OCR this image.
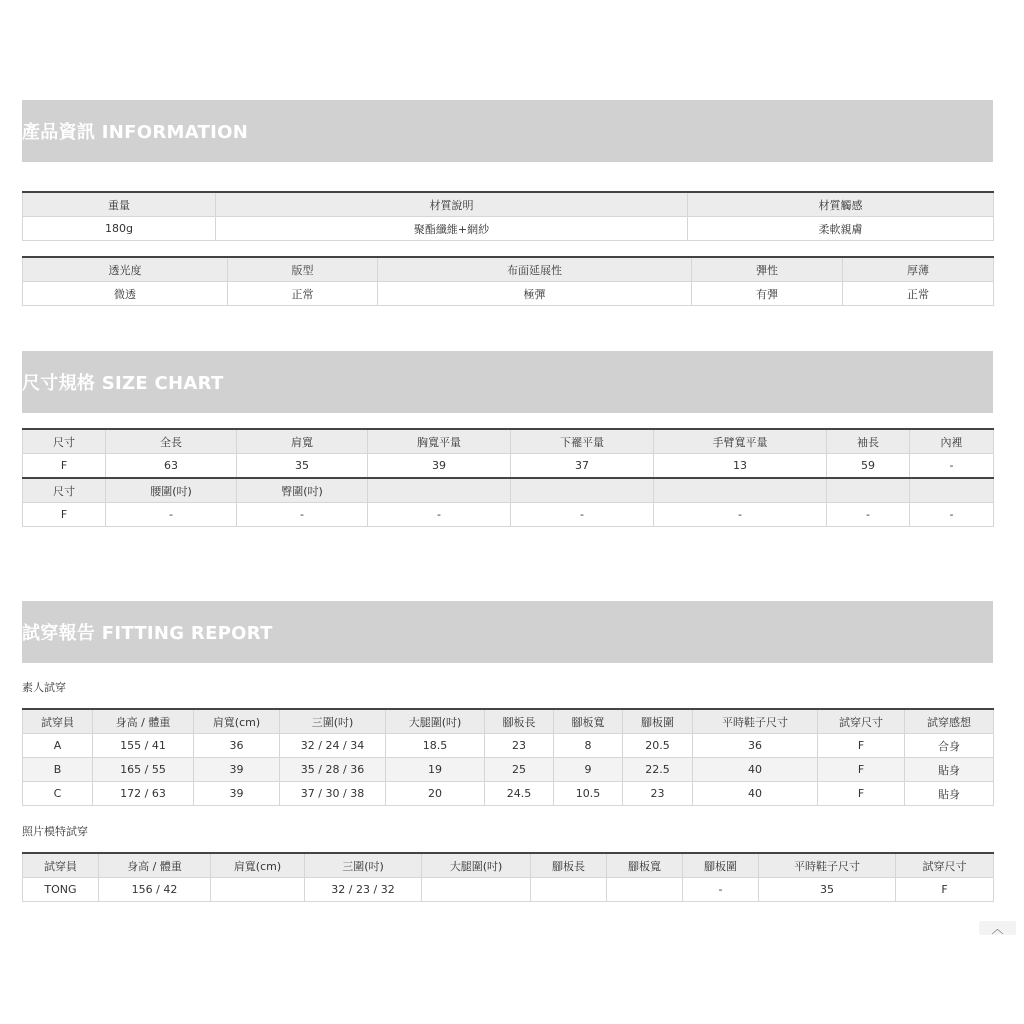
產品資訊 INFORMATION
重量	材質說明	材質觸感
180g	聚酯纖維+網紗	柔軟親膚
透光度	版型	布面延展性	彈性	厚薄
微透	正常	極彈	有彈	正常
尺寸規格 SIZE CHART
尺寸	全長	肩寬	胸寬平量	下襬平量	手臂寬平量	袖長	內裡
F	63	35	39	37	13	59	-
尺寸	腰圍(吋)	臀圍(吋)					
F	-	-	-	-	-	-	-
試穿報告 FITTING REPORT
素人試穿
試穿員	身高 / 體重	肩寬(cm)	三圍(吋)	大腿圍(吋)	腳板長	腳板寬	腳板圍	平時鞋子尺寸	試穿尺寸	試穿感想
A	155 / 41	36	32 / 24 / 34	18.5	23	8	20.5	36	F	合身
B	165 / 55	39	35 / 28 / 36	19	25	9	22.5	40	F	貼身
C	172 / 63	39	37 / 30 / 38	20	24.5	10.5	23	40	F	貼身
照片模特試穿
試穿員	身高 / 體重	肩寬(cm)	三圍(吋)	大腿圍(吋)	腳板長	腳板寬	腳板圍	平時鞋子尺寸	試穿尺寸
TONG	156 / 42		32 / 23 / 32				-	35	F
︿
